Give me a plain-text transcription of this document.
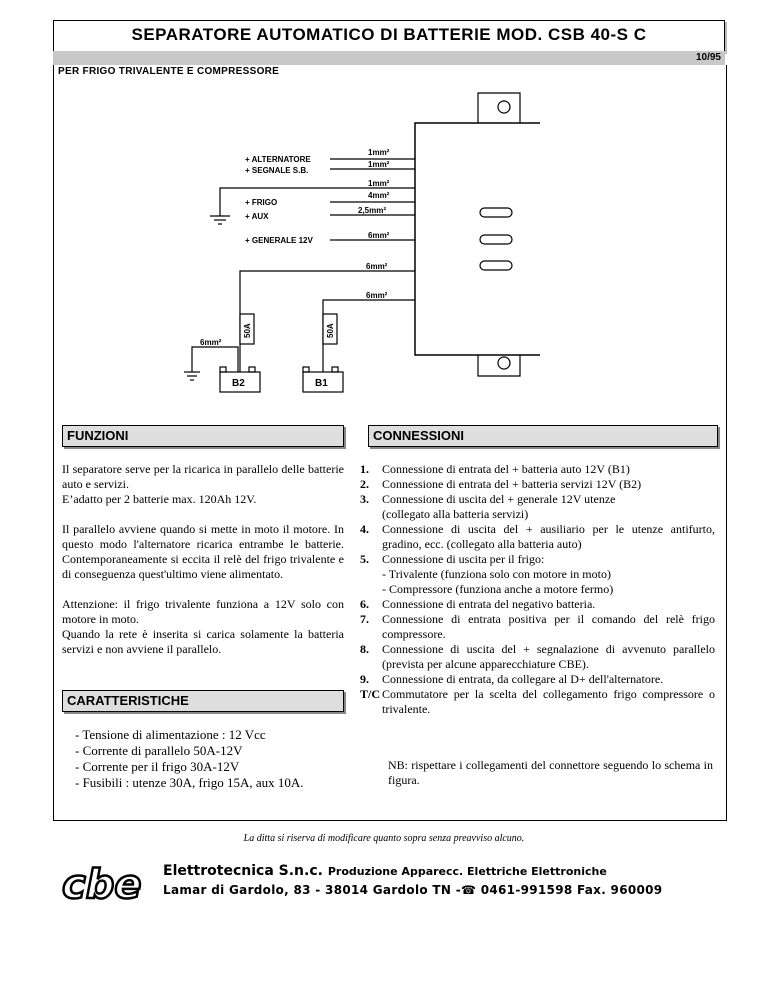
SEPARATORE AUTOMATICO DI BATTERIE MOD. CSB 40-S C
10/95
PER FRIGO TRIVALENTE E COMPRESSORE
+ ALTERNATORE
+ SEGNALE S.B.
+ FRIGO
+ AUX
+ GENERALE 12V
1mm²
1mm²
1mm²
4mm²
2,5mm²
6mm²
6mm²
6mm²
6mm²
50A	50A
B2	B1
FUNZIONI

Il separatore serve per la ricarica in parallelo delle batterie auto e servizi.

E’adatto per 2 batterie max. 120Ah 12V.

Il parallelo avviene quando si mette in moto il motore. In questo modo l'alternatore ricarica entrambe le batterie. Contemporaneamente si eccita il relè del frigo trivalente e di conseguenza quest'ultimo viene alimentato.

Attenzione: il frigo trivalente funziona a 12V solo con motore in moto.

Quando la rete è inserita si carica solamente la batteria servizi e non avviene il parallelo.

CARATTERISTICHE
- Tensione di alimentazione : 12 Vcc
- Corrente di parallelo 50A-12V
- Corrente per il frigo 30A-12V
- Fusibili : utenze 30A, frigo 15A, aux 10A.
CONNESSIONI
1. Connessione di entrata del + batteria auto 12V (B1)
2. Connessione di entrata del + batteria servizi 12V (B2)
3. Connessione di uscita del + generale 12V utenze
(collegato alla batteria servizi)
4. Connessione di uscita del + ausiliario per le utenze antifurto, gradino, ecc. (collegato alla batteria auto)
5. Connessione di uscita per il frigo:
- Trivalente (funziona solo con motore in moto)
- Compressore (funziona anche a motore fermo)
6. Connessione di entrata del negativo batteria.
7. Connessione di entrata positiva per il comando del relè frigo compressore.
8. Connessione di uscita del + segnalazione di avvenuto parallelo (prevista per alcune apparecchiature CBE).
9. Connessione di entrata, da collegare al D+ dell'alternatore.
T/C Commutatore per la scelta del collegamento frigo compressore o trivalente.
NB: rispettare i collegamenti del connettore seguendo lo schema in figura.
La ditta si riserva di modificare quanto sopra senza preavviso alcuno.
cbe Elettrotecnica S.n.c. Produzione Apparecc. Elettriche Elettroniche
Lamar di Gardolo, 83 - 38014 Gardolo TN -☎ 0461-991598 Fax. 960009
